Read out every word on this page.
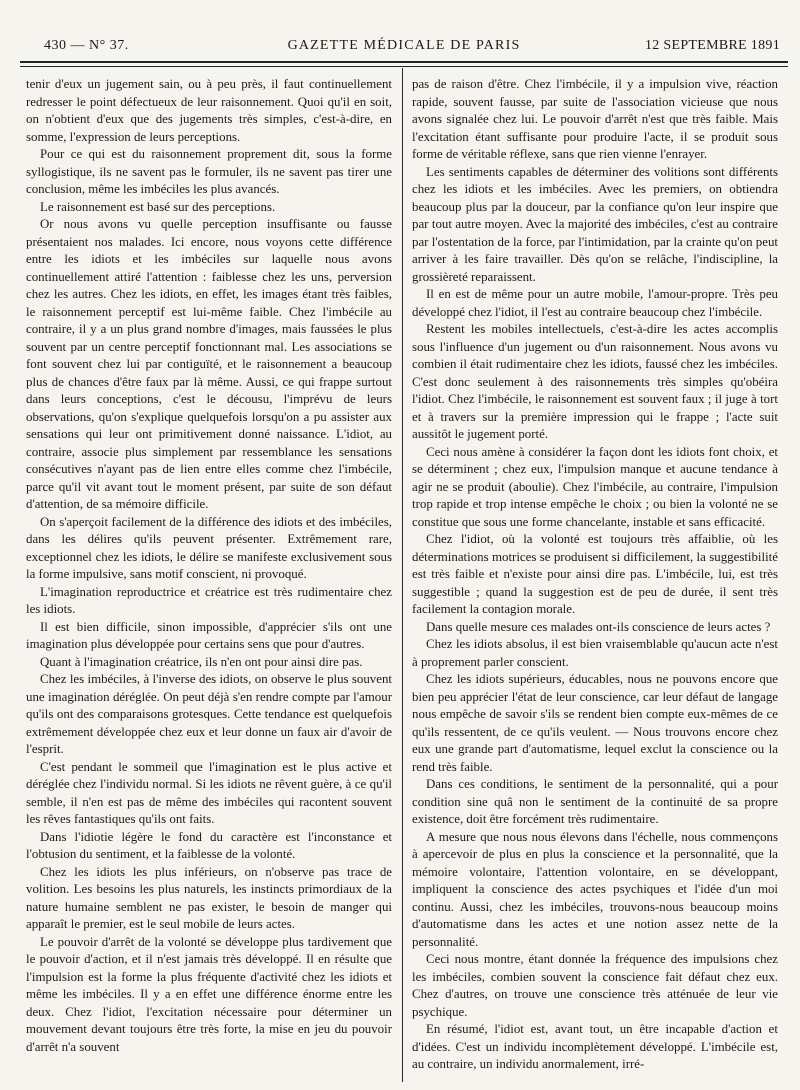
430 — N° 37.	GAZETTE MÉDICALE DE PARIS	12 SEPTEMBRE 1891

tenir d'eux un jugement sain, ou à peu près, il faut continuellement redresser le point défectueux de leur raisonnement. Quoi qu'il en soit, on n'obtient d'eux que des jugements très simples, c'est-à-dire, en somme, l'expression de leurs perceptions.

Pour ce qui est du raisonnement proprement dit, sous la forme syllogistique, ils ne savent pas le formuler, ils ne savent pas tirer une conclusion, même les imbéciles les plus avancés.

Le raisonnement est basé sur des perceptions.

Or nous avons vu quelle perception insuffisante ou fausse présentaient nos malades. Ici encore, nous voyons cette différence entre les idiots et les imbéciles sur laquelle nous avons continuellement attiré l'attention : faiblesse chez les uns, perversion chez les autres. Chez les idiots, en effet, les images étant très faibles, le raisonnement perceptif est lui-même faible. Chez l'imbécile au contraire, il y a un plus grand nombre d'images, mais faussées le plus souvent par un centre perceptif fonctionnant mal. Les associations se font souvent chez lui par contiguïté, et le raisonnement a beaucoup plus de chances d'être faux par là même. Aussi, ce qui frappe surtout dans leurs conceptions, c'est le décousu, l'imprévu de leurs observations, qu'on s'explique quelquefois lorsqu'on a pu assister aux sensations qui leur ont primitivement donné naissance. L'idiot, au contraire, associe plus simplement par ressemblance les sensations consécutives n'ayant pas de lien entre elles comme chez l'imbécile, parce qu'il vit avant tout le moment présent, par suite de son défaut d'attention, de sa mémoire difficile.

On s'aperçoit facilement de la différence des idiots et des imbéciles, dans les délires qu'ils peuvent présenter. Extrêmement rare, exceptionnel chez les idiots, le délire se manifeste exclusivement sous la forme impulsive, sans motif conscient, ni provoqué.

L'imagination reproductrice et créatrice est très rudimentaire chez les idiots.

Il est bien difficile, sinon impossible, d'apprécier s'ils ont une imagination plus développée pour certains sens que pour d'autres.

Quant à l'imagination créatrice, ils n'en ont pour ainsi dire pas.

Chez les imbéciles, à l'inverse des idiots, on observe le plus souvent une imagination déréglée. On peut déjà s'en rendre compte par l'amour qu'ils ont des comparaisons grotesques. Cette tendance est quelquefois extrêmement développée chez eux et leur donne un faux air d'avoir de l'esprit.

C'est pendant le sommeil que l'imagination est le plus active et déréglée chez l'individu normal. Si les idiots ne rêvent guère, à ce qu'il semble, il n'en est pas de même des imbéciles qui racontent souvent les rêves fantastiques qu'ils ont faits.

Dans l'idiotie légère le fond du caractère est l'inconstance et l'obtusion du sentiment, et la faiblesse de la volonté.

Chez les idiots les plus inférieurs, on n'observe pas trace de volition. Les besoins les plus naturels, les instincts primordiaux de la nature humaine semblent ne pas exister, le besoin de manger qui apparaît le premier, est le seul mobile de leurs actes.

Le pouvoir d'arrêt de la volonté se développe plus tardivement que le pouvoir d'action, et il n'est jamais très développé. Il en résulte que l'impulsion est la forme la plus fréquente d'activité chez les idiots et même les imbéciles. Il y a en effet une différence énorme entre les deux. Chez l'idiot, l'excitation nécessaire pour déterminer un mouvement devant toujours être très forte, la mise en jeu du pouvoir d'arrêt n'a souvent

pas de raison d'être. Chez l'imbécile, il y a impulsion vive, réaction rapide, souvent fausse, par suite de l'association vicieuse que nous avons signalée chez lui. Le pouvoir d'arrêt n'est que très faible. Mais l'excitation étant suffisante pour produire l'acte, il se produit sous forme de véritable réflexe, sans que rien vienne l'enrayer.

Les sentiments capables de déterminer des volitions sont différents chez les idiots et les imbéciles. Avec les premiers, on obtiendra beaucoup plus par la douceur, par la confiance qu'on leur inspire que par tout autre moyen. Avec la majorité des imbéciles, c'est au contraire par l'ostentation de la force, par l'intimidation, par la crainte qu'on peut arriver à les faire travailler. Dès qu'on se relâche, l'indiscipline, la grossièreté reparaissent.

Il en est de même pour un autre mobile, l'amour-propre. Très peu développé chez l'idiot, il l'est au contraire beaucoup chez l'imbécile.

Restent les mobiles intellectuels, c'est-à-dire les actes accomplis sous l'influence d'un jugement ou d'un raisonnement. Nous avons vu combien il était rudimentaire chez les idiots, faussé chez les imbéciles. C'est donc seulement à des raisonnements très simples qu'obéira l'idiot. Chez l'imbécile, le raisonnement est souvent faux ; il juge à tort et à travers sur la première impression qui le frappe ; l'acte suit aussitôt le jugement porté.

Ceci nous amène à considérer la façon dont les idiots font choix, et se déterminent ; chez eux, l'impulsion manque et aucune tendance à agir ne se produit (aboulie). Chez l'imbécile, au contraire, l'impulsion trop rapide et trop intense empêche le choix ; ou bien la volonté ne se constitue que sous une forme chancelante, instable et sans efficacité.

Chez l'idiot, où la volonté est toujours très affaiblie, où les déterminations motrices se produisent si difficilement, la suggestibilité est très faible et n'existe pour ainsi dire pas. L'imbécile, lui, est très suggestible ; quand la suggestion est de peu de durée, il sent très facilement la contagion morale.

Dans quelle mesure ces malades ont-ils conscience de leurs actes ?

Chez les idiots absolus, il est bien vraisemblable qu'aucun acte n'est à proprement parler conscient.

Chez les idiots supérieurs, éducables, nous ne pouvons encore que bien peu apprécier l'état de leur conscience, car leur défaut de langage nous empêche de savoir s'ils se rendent bien compte eux-mêmes de ce qu'ils ressentent, de ce qu'ils veulent. — Nous trouvons encore chez eux une grande part d'automatisme, lequel exclut la conscience ou la rend très faible.

Dans ces conditions, le sentiment de la personnalité, qui a pour condition sine quâ non le sentiment de la continuité de sa propre existence, doit être forcément très rudimentaire.

A mesure que nous nous élevons dans l'échelle, nous commençons à apercevoir de plus en plus la conscience et la personnalité, que la mémoire volontaire, l'attention volontaire, en se développant, impliquent la conscience des actes psychiques et l'idée d'un moi continu. Aussi, chez les imbéciles, trouvons-nous beaucoup moins d'automatisme dans les actes et une notion assez nette de la personnalité.

Ceci nous montre, étant donnée la fréquence des impulsions chez les imbéciles, combien souvent la conscience fait défaut chez eux. Chez d'autres, on trouve une conscience très atténuée de leur vie psychique.

En résumé, l'idiot est, avant tout, un être incapable d'action et d'idées. C'est un individu incomplètement développé. L'imbécile est, au contraire, un individu anormalement, irré-
